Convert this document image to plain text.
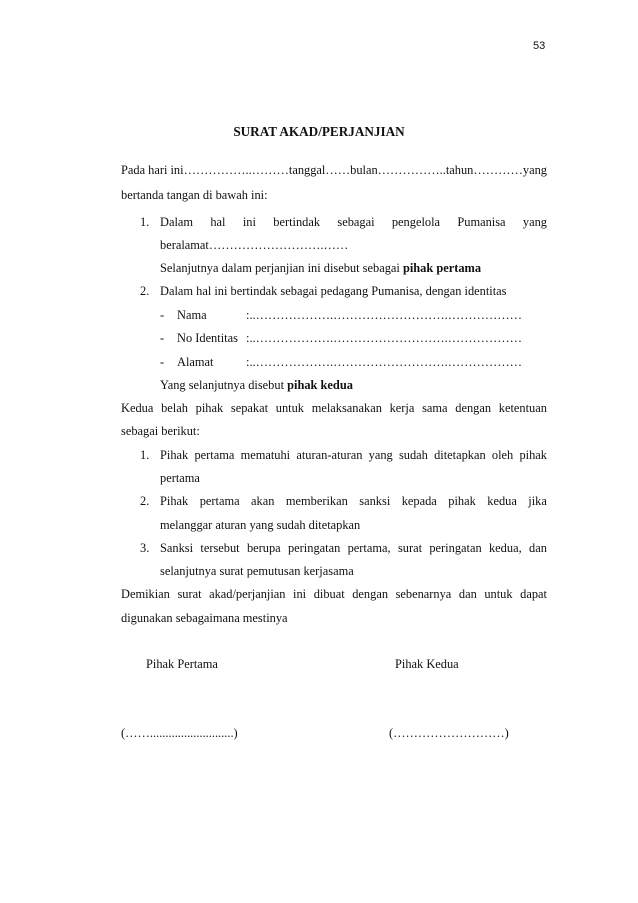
53
SURAT AKAD/PERJANJIAN
Pada hari ini……………..………tanggal……bulan……………..tahun…………yang
bertanda tangan di bawah ini:
1. Dalam hal ini bertindak sebagai pengelola Pumanisa yang
beralamat……………………….……
Selanjutnya dalam perjanjian ini disebut sebagai pihak pertama
2. Dalam hal ini bertindak sebagai pedagang Pumanisa, dengan identitas
- Nama	:..……………….……………………….………………
- No Identitas :..……………….……………………….………………
- Alamat	:..……………….……………………….………………
Yang selanjutnya disebut pihak kedua
Kedua belah pihak sepakat untuk melaksanakan kerja sama dengan ketentuan
sebagai berikut:
1. Pihak pertama mematuhi aturan-aturan yang sudah ditetapkan oleh pihak
pertama
2. Pihak pertama akan memberikan sanksi kepada pihak kedua jika
melanggar aturan yang sudah ditetapkan
3. Sanksi tersebut berupa peringatan pertama, surat peringatan kedua, dan
selanjutnya surat pemutusan kerjasama
Demikian surat akad/perjanjian ini dibuat dengan sebenarnya dan untuk dapat
digunakan sebagaimana mestinya
Pihak Pertama	Pihak Kedua
(……...........................)	(………………………)
